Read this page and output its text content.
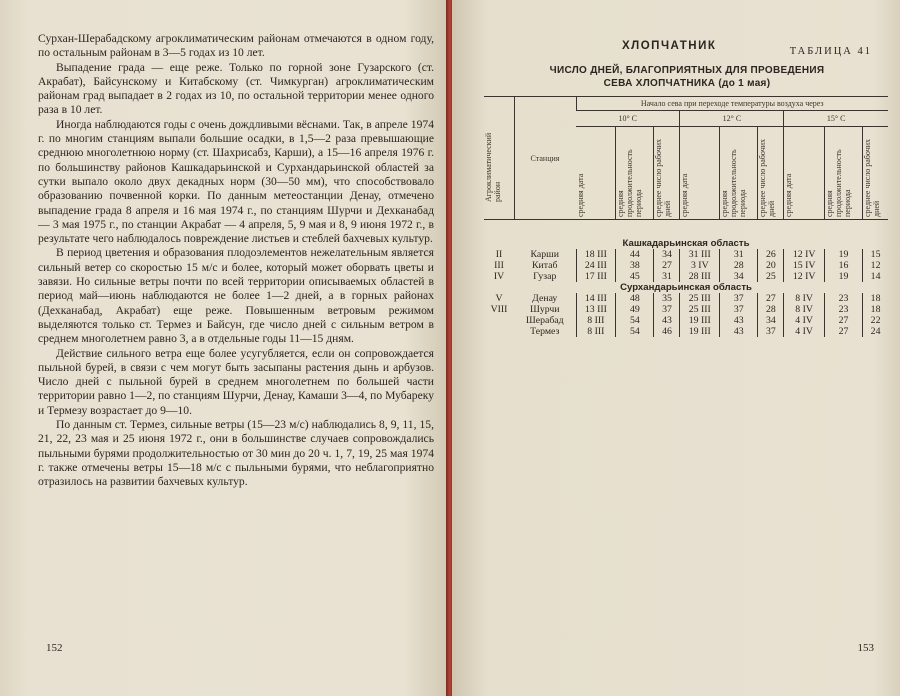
Сурхан-Шерабадскому агроклиматическим районам отмечаются в одном году, по остальным районам в 3—5 годах из 10 лет.

Выпадение града — еще реже. Только по горной зоне Гузарского (ст. Акрабат), Байсунскому и Китабскому (ст. Чимкурган) агроклиматическим районам град выпадает в 2 годах из 10, по остальной территории менее одного раза в 10 лет.

Иногда наблюдаются годы с очень дождливыми вёснами. Так, в апреле 1974 г. по многим станциям выпали большие осадки, в 1,5—2 раза превышающие среднюю многолетнюю норму (ст. Шахрисабз, Карши), а 15—16 апреля 1976 г. по большинству районов Кашкадарьинской и Сурхандарьинской областей за сутки выпало около двух декадных норм (30—50 мм), что способствовало образованию почвенной корки. По данным метеостанции Денау, отмечено выпадение града 8 апреля и 16 мая 1974 г., по станциям Шурчи и Дехканабад — 3 мая 1975 г., по станции Акрабат — 4 апреля, 5, 9 мая и 8, 9 июня 1972 г., в результате чего наблюдалось повреждение листьев и стеблей бахчевых культур.

В период цветения и образования плодоэлементов нежелательным является сильный ветер со скоростью 15 м/с и более, который может оборвать цветы и завязи. Но сильные ветры почти по всей территории описываемых областей в период май—июнь наблюдаются не более 1—2 дней, а в горных районах (Дехканабад, Акрабат) еще реже. Повышенным ветровым режимом выделяются только ст. Термез и Байсун, где число дней с сильным ветром в среднем многолетнем равно 3, а в отдельные годы 11—15 дням.

Действие сильного ветра еще более усугубляется, если он сопровождается пыльной бурей, в связи с чем могут быть засыпаны растения дынь и арбузов. Число дней с пыльной бурей в среднем многолетнем по большей части территории равно 1—2, по станциям Шурчи, Денау, Камаши 3—4, по Мубареку и Термезу возрастает до 9—10.

По данным ст. Термез, сильные ветры (15—23 м/с) наблюдались 8, 9, 11, 15, 21, 22, 23 мая и 25 июня 1972 г., они в большинстве случаев сопровождались пыльными бурями продолжительностью от 30 мин до 20 ч. 1, 7, 19, 25 мая 1974 г. также отмечены ветры 15—18 м/с с пыльными бурями, что неблагоприятно отразилось на развитии бахчевых культур.

152
ХЛОПЧАТНИК	ТАБЛИЦА 41
ЧИСЛО ДНЕЙ, БЛАГОПРИЯТНЫХ ДЛЯ ПРОВЕДЕНИЯ
СЕВА ХЛОПЧАТНИКА (до 1 мая)
Агроклиматический район	Станция	Начало сева при переходе температуры воздуха через								
		10° С			12° С			15° С		

		средняя дата	средняя продолжительность периода	среднее число рабочих дней	средняя дата	средняя продолжительность периода	среднее число рабочих дней	средняя дата	средняя продолжительность периода	среднее число рабочих дней

Кашкадарьинская область										
II	Карши	18 III	44	34	31 III	31	26	12 IV	19	15
III	Китаб	24 III	38	27	3 IV	28	20	15 IV	16	12
IV	Гузар	17 III	45	31	28 III	34	25	12 IV	19	14
Сурхандарьинская область										
V	Денау	14 III	48	35	25 III	37	27	8 IV	23	18
VIII	Шурчи	13 III	49	37	25 III	37	28	8 IV	23	18
	Шерабад	8 III	54	43	19 III	43	34	4 IV	27	22
	Термез	8 III	54	46	19 III	43	37	4 IV	27	24
153
